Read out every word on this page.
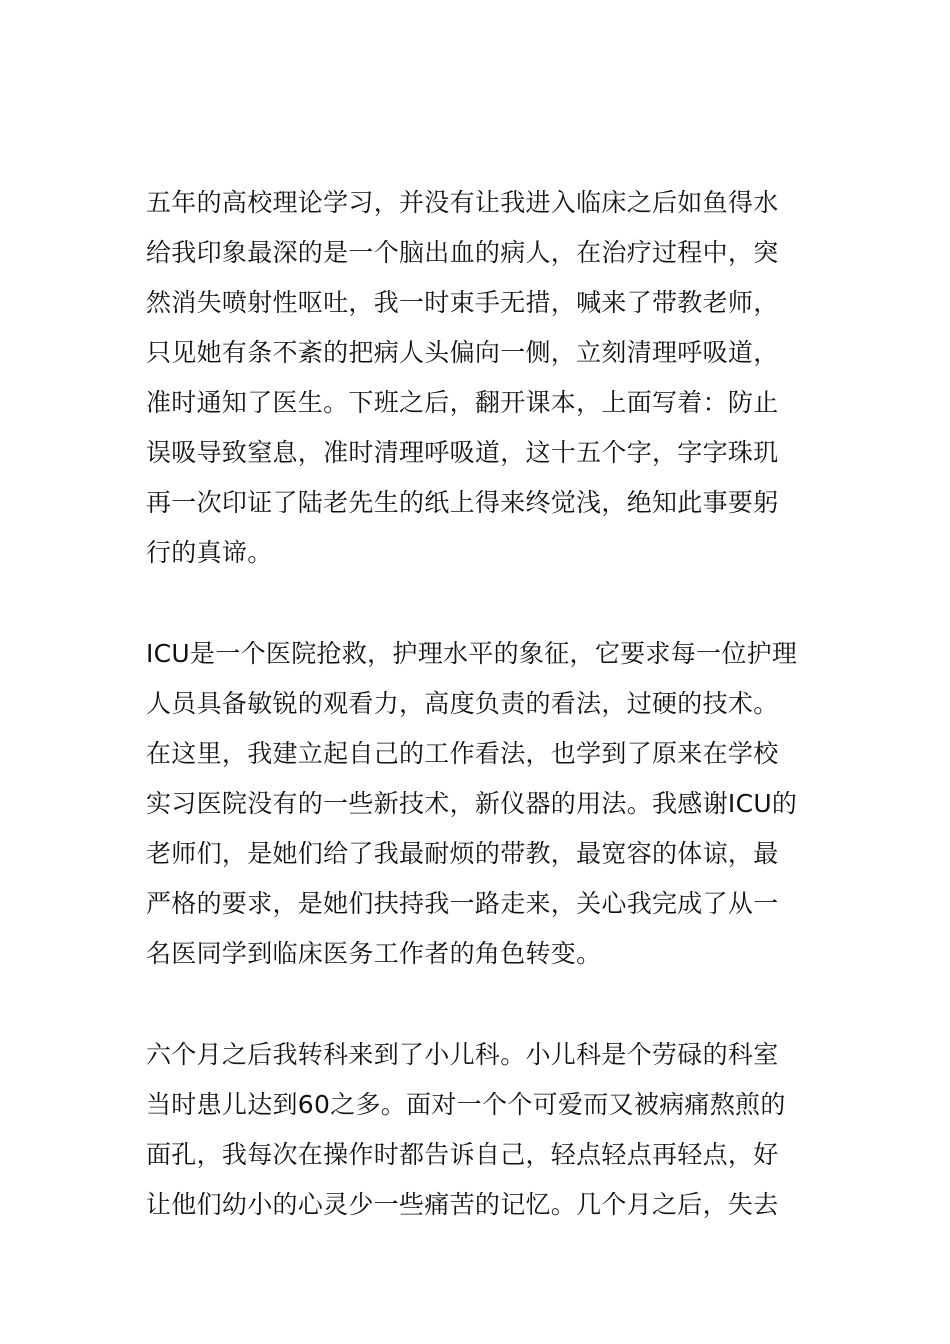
五年的高校理论学习，并没有让我进入临床之后如鱼得水
给我印象最深的是一个脑出血的病人，在治疗过程中，突
然消失喷射性呕吐，我一时束手无措，喊来了带教老师，
只见她有条不紊的把病人头偏向一侧，立刻清理呼吸道，
准时通知了医生。下班之后，翻开课本，上面写着：防止
误吸导致窒息，准时清理呼吸道，这十五个字，字字珠玑
再一次印证了陆老先生的纸上得来终觉浅，绝知此事要躬
行的真谛。
ICU是一个医院抢救，护理水平的象征，它要求每一位护理
人员具备敏锐的观看力，高度负责的看法，过硬的技术。
在这里，我建立起自己的工作看法，也学到了原来在学校
实习医院没有的一些新技术，新仪器的用法。我感谢ICU的
老师们，是她们给了我最耐烦的带教，最宽容的体谅，最
严格的要求，是她们扶持我一路走来，关心我完成了从一
名医同学到临床医务工作者的角色转变。
六个月之后我转科来到了小儿科。小儿科是个劳碌的科室
当时患儿达到60之多。面对一个个可爱而又被病痛熬煎的
面孔，我每次在操作时都告诉自己，轻点轻点再轻点，好
让他们幼小的心灵少一些痛苦的记忆。几个月之后，失去
